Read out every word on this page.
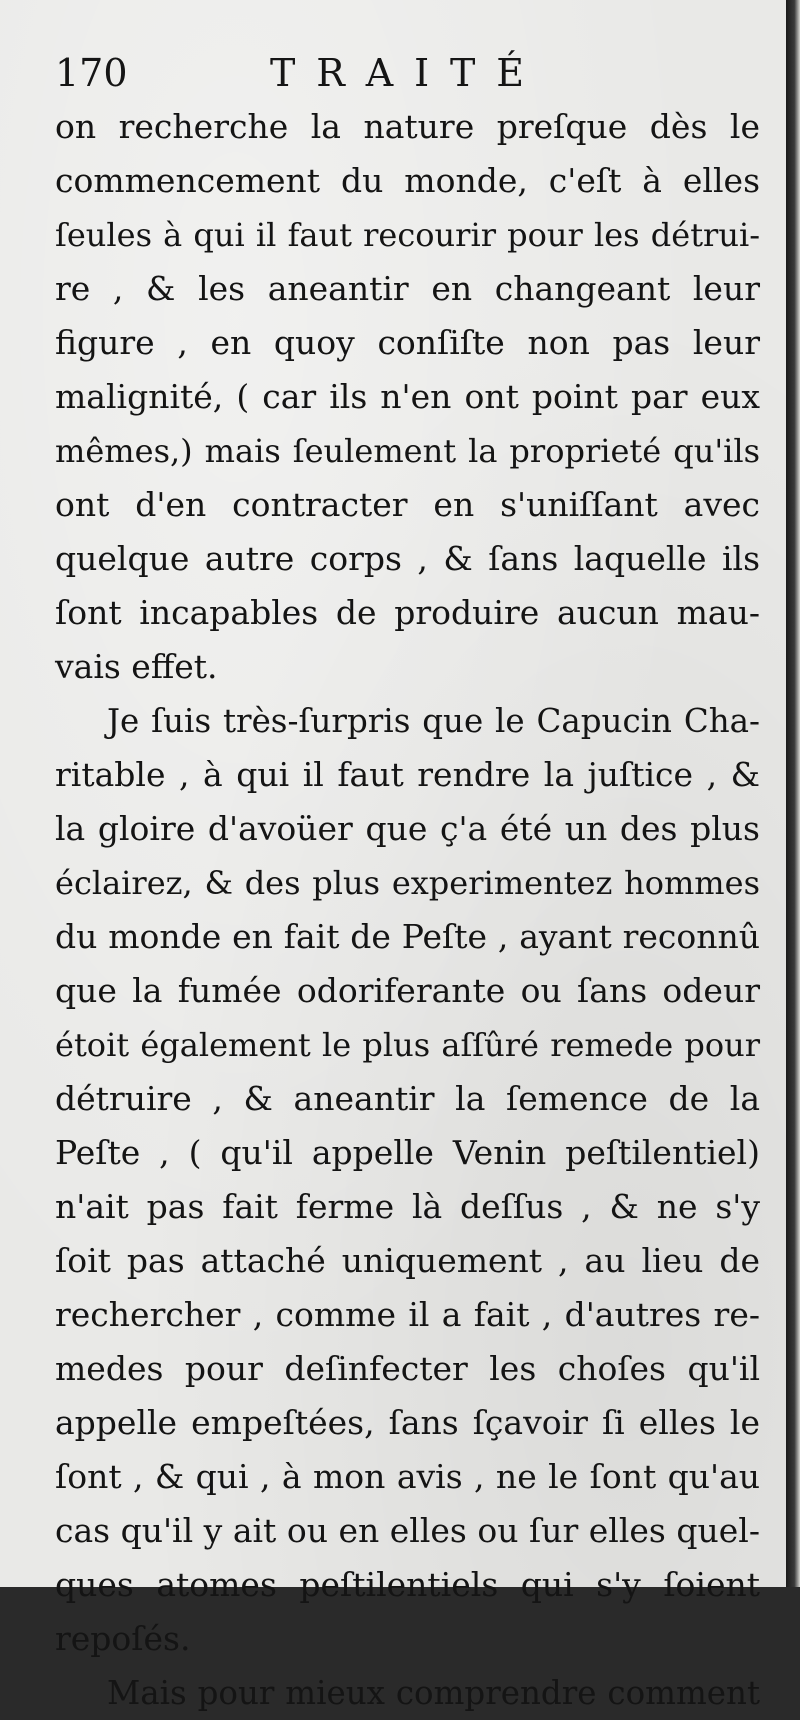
170	TRAITÉ
on recherche la nature preſque dès le
commencement du monde, c'eſt à elles
ſeules à qui il faut recourir pour les détrui-
re , & les aneantir en changeant leur
figure , en quoy conſiſte non pas leur
malignité, ( car ils n'en ont point par eux
mêmes,) mais ſeulement la proprieté qu'ils
ont d'en contracter en s'uniſſant avec
quelque autre corps , & ſans laquelle ils
ſont incapables de produire aucun mau-
vais effet.
Je ſuis très-ſurpris que le Capucin Cha-
ritable , à qui il faut rendre la juſtice , &
la gloire d'avoüer que ç'a été un des plus
éclairez, & des plus experimentez hommes
du monde en fait de Peſte , ayant reconnû
que la fumée odoriferante ou ſans odeur
étoit également le plus aſſûré remede pour
détruire , & aneantir la ſemence de la
Peſte , ( qu'il appelle Venin peſtilentiel)
n'ait pas fait ferme là deſſus , & ne s'y
ſoit pas attaché uniquement , au lieu de
rechercher , comme il a fait , d'autres re-
medes pour deſinfecter les choſes qu'il
appelle empeſtées, ſans ſçavoir ſi elles le
ſont , & qui , à mon avis , ne le ſont qu'au
cas qu'il y ait ou en elles ou ſur elles quel-
ques atomes peſtilentiels qui s'y ſoient
repoſés.
Mais pour mieux comprendre comment
